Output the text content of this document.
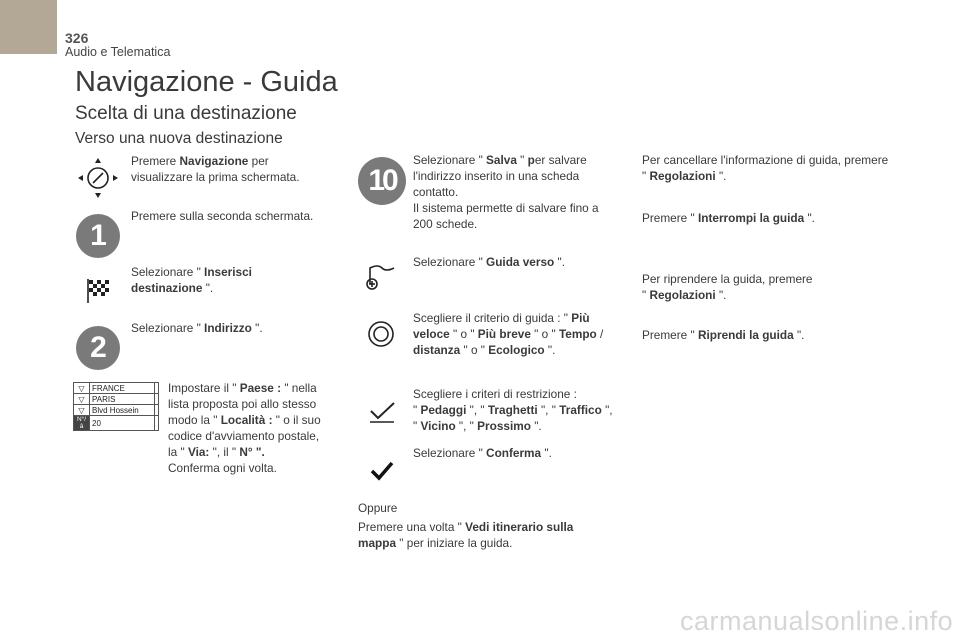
326
Audio e Telematica
Navigazione - Guida
Scelta di una destinazione
Verso una nuova destinazione
Premere Navigazione per
visualizzare la prima schermata.
1
Premere sulla seconda schermata.
Selezionare " Inserisci
destinazione ".
2
Selezionare " Indirizzo ".
▽	FRANCE	
▽	PARIS	
▽	Blvd Hossein	
N°/â	20	
Impostare il " Paese : " nella
lista proposta poi allo stesso
modo la " Località : " o il suo
codice d'avviamento postale,
la " Via: ", il " N° ".
Conferma ogni volta.
10
Selezionare " Salva " per salvare
l'indirizzo inserito in una scheda
contatto.
Il sistema permette di salvare fino a
200 schede.
Selezionare " Guida verso ".
Scegliere il criterio di guida : " Più
veloce " o " Più breve " o " Tempo /
distanza " o " Ecologico ".
Scegliere i criteri di restrizione :
" Pedaggi ", " Traghetti ", " Traffico ",
" Vicino ", " Prossimo ".
Selezionare " Conferma ".
Oppure
Premere una volta " Vedi itinerario sulla
mappa " per iniziare la guida.
Per cancellare l'informazione di guida, premere
" Regolazioni ".
Premere " Interrompi la guida ".
Per riprendere la guida, premere
" Regolazioni ".
Premere " Riprendi la guida ".
carmanualsonline.info
